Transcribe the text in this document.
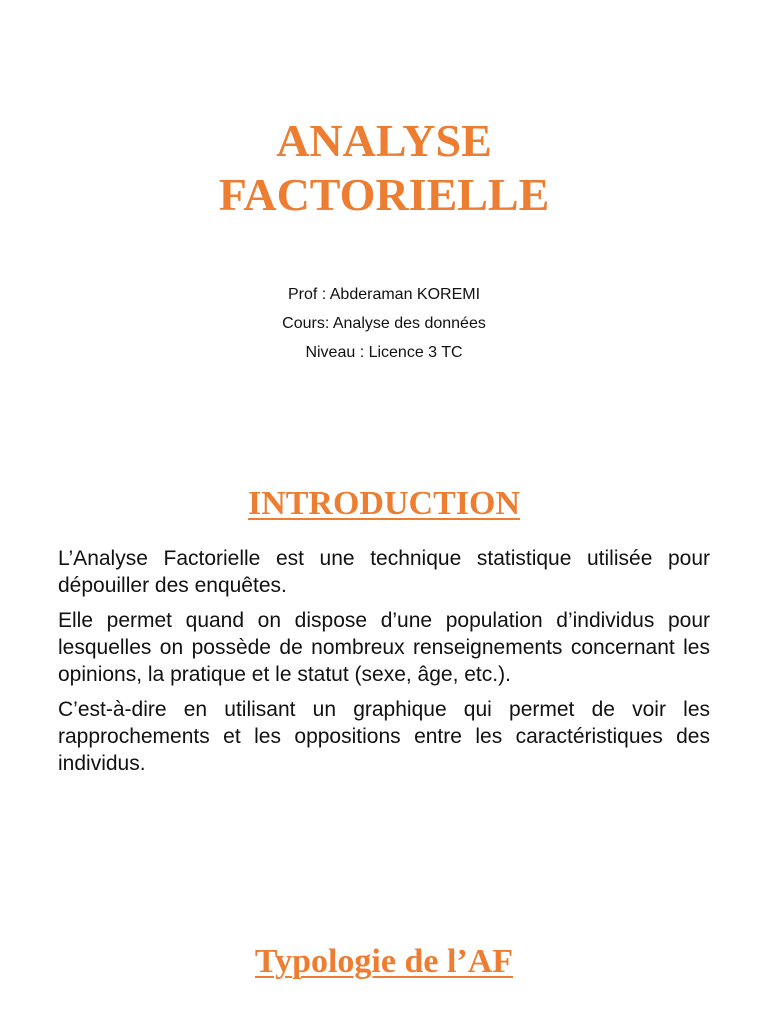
ANALYSE
FACTORIELLE
Prof : Abderaman KOREMI
Cours: Analyse des données
Niveau : Licence 3 TC
INTRODUCTION

L’Analyse Factorielle est une technique statistique utilisée pour dépouiller des enquêtes.

Elle permet quand on dispose d’une population d’individus pour lesquelles on possède de nombreux renseignements concernant les opinions, la pratique et le statut (sexe, âge, etc.).

C’est-à-dire en utilisant un graphique qui permet de voir les rapprochements et les oppositions entre les caractéristiques des individus.

Typologie de l’AF
